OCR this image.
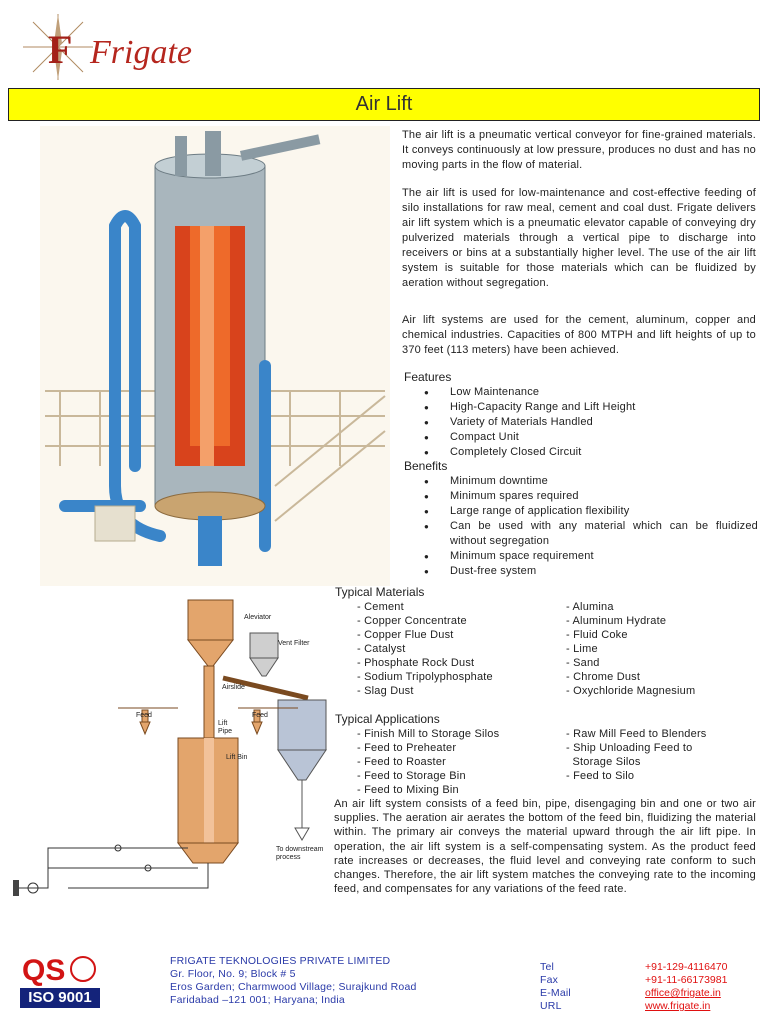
F Frigate
Air Lift
The air lift is a pneumatic vertical conveyor for fine-grained materials. It conveys continuously at low pressure, produces no dust and has no moving parts in the flow of material.
The air lift is used for low-maintenance and cost-effective feeding of silo installations for raw meal, cement and coal dust. Frigate delivers air lift system which is a pneumatic elevator capable of conveying dry pulverized materials through a vertical pipe to discharge into receivers or bins at a substantially higher level. The use of the air lift system is suitable for those materials which can be fluidized by aeration without segregation.
Air lift systems are used for the cement, aluminum, copper and chemical industries. Capacities of 800 MTPH and lift heights of up to 370 feet (113 meters) have been achieved.
Features
● Low Maintenance
● High-Capacity Range and Lift Height
● Variety of Materials Handled
● Compact Unit
● Completely Closed Circuit
Benefits
● Minimum downtime
● Minimum spares required
● Large range of application flexibility
● Can be used with any material which can be fluidized without segregation
● Minimum space requirement
● Dust-free system
Aleviator
Vent Filter
Airslide
Feed	Feed
Lift
Pipe
Lift Bin
To downstream
process
Typical Materials
- Cement
- Copper Concentrate
- Copper Flue Dust
- Catalyst
- Phosphate Rock Dust
- Sodium Tripolyphosphate
- Slag Dust
- Alumina
- Aluminum Hydrate
- Fluid Coke
- Lime
- Sand
- Chrome Dust
- Oxychloride Magnesium
Typical Applications
- Finish Mill to Storage Silos
- Feed to Preheater
- Feed to Roaster
- Feed to Storage Bin
- Feed to Mixing Bin
- Raw Mill Feed to Blenders
- Ship Unloading Feed to
Storage Silos
- Feed to Silo
An air lift system consists of a feed bin, pipe, disengaging bin and one or two air supplies. The aeration air aerates the bottom of the feed bin, fluidizing the material within. The primary air conveys the material upward through the air lift pipe. In operation, the air lift system is a self-compensating system. As the product feed rate increases or decreases, the fluid level and conveying rate conform to such changes. Therefore, the air lift system matches the conveying rate to the incoming feed, and compensates for any variations of the feed rate.
QS
ISO 9001
FRIGATE TEKNOLOGIES PRIVATE LIMITED
Gr. Floor, No. 9; Block # 5
Eros Garden; Charmwood Village; Surajkund Road
Faridabad –121 001; Haryana; India
Tel
Fax
E-Mail
URL
+91-129-4116470
+91-11-66173981
office@frigate.in
www.frigate.in
